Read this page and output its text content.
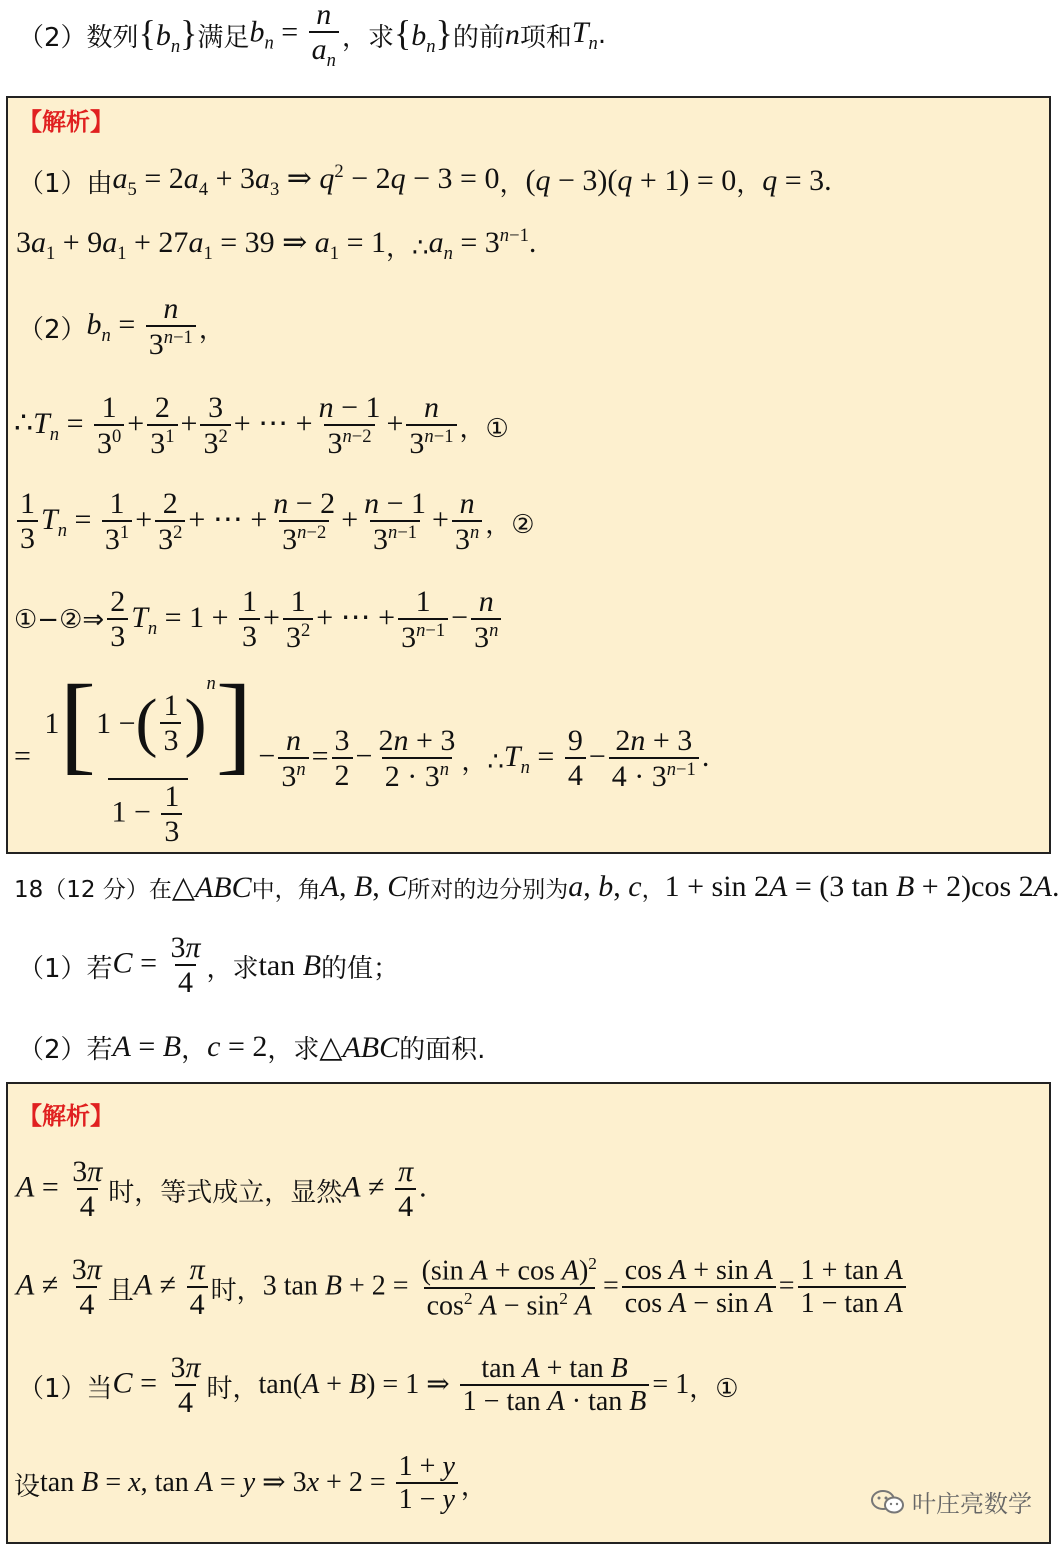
（2） 数列 $\{b_n\}$ 满足 $b_n = \frac{n}{a_n}$ ，求 $\{b_n\}$ 的前 n 项和 $T_n$ .
【解析】
（1）由 $a_5 = 2a_4 + 3a_3$ ⇒ $q^2 - 2q - 3 = 0$ ， (q − 3)(q + 1) = 0 ， q = 3.
$3a_1 + 9a_1 + 27a_1 = 39$ ⇒ $a_1 = 1$ ，∴ $a_n = 3^{n-1}$.
（2） $b_n = \frac{n}{3^{n-1}}$ ，
$\therefore T_n = \frac{1}{3^0} + \frac{2}{3^1} + \frac{3}{3^2}$ + ⋯ + $\frac{n - 1}{3^{n-2}} + \frac{n}{3^{n-1}}$ ，①
$\frac{1}{3} T_n = \frac{1}{3^1} + \frac{2}{3^2}$ + ⋯ + $\frac{n - 2}{3^{n-2}} + \frac{n - 1}{3^{n-1}} + \frac{n}{3^n}$ ，②
①−②⇒ $\frac{2}{3} T_n = 1 + \frac{1}{3} + \frac{1}{3^2}$ + ⋯ + $\frac{1}{3^{n-1}} - \frac{n}{3^n}$
= 1 [ 1 − ( $\frac{1}{3}$ )
$^n$ ]
$1 - \frac{1}{3} - \frac{n}{3^n} = \frac{3}{2} - \frac{2n + 3}{2 \cdot 3^n}$ ，∴ $T_n = \frac{9}{4} - \frac{2n + 3}{4 \cdot 3^{n-1}}$ .
18（12 分）在 △ABC 中，角 A, B, C 所对的边分别为 a, b, c ， 1 + sin 2A = (3 tan B + 2)cos 2A.
（1）若 $C = \frac{3\pi}{4}$ ，求 tan B 的值；
（2）若 A = B ， c = 2 ，求 △ABC 的面积.
【解析】
$A = \frac{3\pi}{4}$ 时，等式成立，显然 $A \ne \frac{\pi}{4}$ .
$A \ne \frac{3\pi}{4}$ 且 $A \ne \frac{\pi}{4}$ 时， 3 $\tan B + 2 = \frac{(\sin A + \cos A)^2}{\cos^2 A - \sin^2 A} = \frac{\text{cos A + sin A}}{\text{cos A − sin A}} = \frac{\text{1 + tan A}}{\text{1 − tan A}}$
（1）当 $C = \frac{3\pi}{4}$ 时， tan(A + B) = 1 ⇒ $\frac{\text{tan A + tan B}}{\text{1 − tan A · tan B}} = 1$ ，①
设 tan B = x, tan A = y ⇒ $3x + 2 = \frac{1 + y}{1 - y}$ ，
叶庄亮数学
